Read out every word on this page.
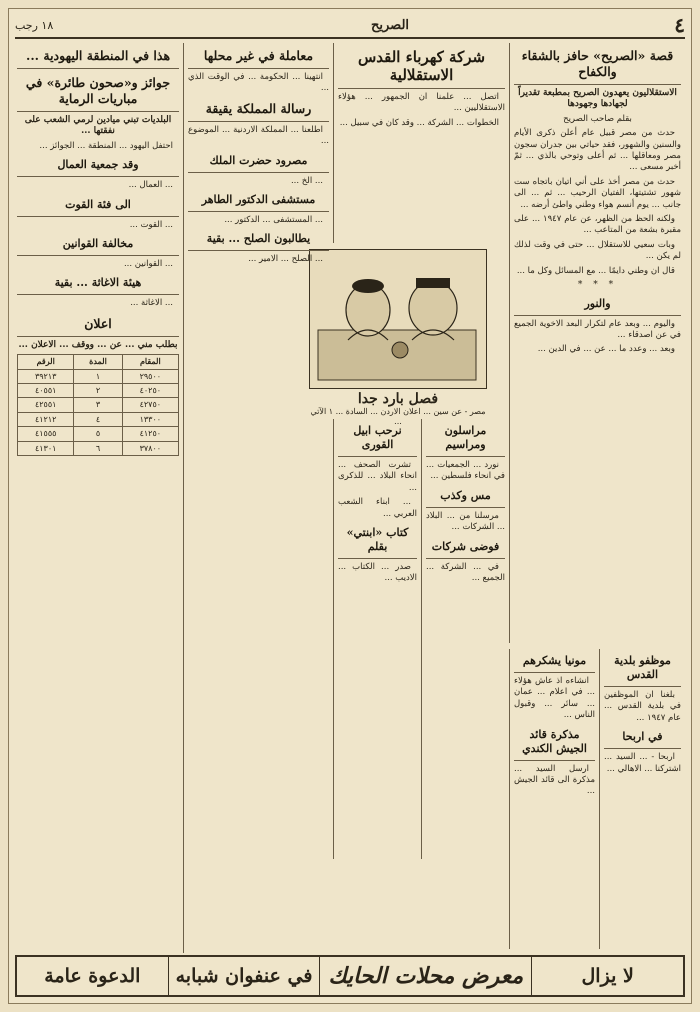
٤
الصريح
١٨ رجب
قصة «الصريح» حافز بالشقاء والكفاح
الاستقلاليون يعهدون الصريح بمطبعة تقديراً لجهادها وجهودها
بقلم صاحب الصريح

حدث من مصر قبيل عام أعلن ذكرى الأيام والسنين والشهور، فقد حياتي بين جدران سجون مصر ومعاقلها ... ثم أعلى وتوحي بالذي ... ثمّ أخبر مسعى ...

حدث من مصر أخذ على أني اتيان باتجاه ست شهور تشتيتها، الفتيان الرحيب ... ثم ... الى جانب ... يوم أنسم هواء وطني واطئ أرضه ...

ولكنه الحظ من الظهر، عن عام ١٩٤٧ ... على مقبرة بشعة من المتاعب ...

وبات سعيي للاستقلال ... حتى في وقت لذلك لم يكن ...

قال ان وطني دايمًا ... مع المسائل وكل ما ...

* * *
والنور

واليوم ... وبعد عام لتكرار البعد الاخوية الجميع في عن اصدقاء ...

وبعد ... وعدد ما ... عن ... في الدين ...

مونيا يشكرهم

انشاءه اذ عاش هؤلاء ... في اعلام ... عمان ... سائر ... وقبول الناس ...

مذكرة قائد الجيش الكندي

ارسل السيد ... مذكرة الى قائد الجيش ...

موظفو بلدية القدس

بلغنا ان الموظفين في بلدية القدس ... عام ١٩٤٧ ...

في اربحا

اربحا - ... السيد ... اشتركنا ... الاهالي ...

شركة كهرباء القدس الاستقلالية

اتصل ... علمنا ان الجمهور ... هؤلاء الاستقلاليين ...

الخطوات ... الشركة ... وقد كان في سبيل ...

فصل بارد جدا
مصر - عن سين ... اعلان الاردن ... السادة ... ١ الآتي ...
مراسلون ومراسيم

نورد ... الجمعيات ... في انحاء فلسطين ...

مس وكذب

مرسلنا من ... البلاد ... الشركات ...

فوضى شركات

في ... الشركة ... الجميع ...

نرحب ابيل القورى

تشرت الصحف ... انحاء البلاد ... للذكرى ...

... ابناء الشعب العربي ...

كتاب «ابنتي» بقلم

صدر ... الكتاب ... الاديب ...

معاملة في غير محلها

انتهينا ... الحكومة ... في الوقت الذي ...

رسالة المملكة يقيقة

اطلعنا ... المملكة الاردنية ... الموضوع ...

مصرود حضرت الملك

... الخ ...

مستشفى الدكتور الطاهر

... المستشفى ... الدكتور ...

يطالبون الصلح ... بقية

... الصلح ... الامير ...

هذا في المنطقة اليهودية ...
جوائز و«صحون طائرة» في مباريات الرماية
البلديات تبني ميادين لرمي الشعب على نفقتها ...

احتفل اليهود ... المنطقة ... الجوائز ...

وقد جمعية العمال

... العمال ...

الى فئة القوت

... القوت ...

مخالفة القوانين

... القوانين ...

هيئة الاغاثة ... بقية

... الاغاثة ...

اعلان
بطلب مني ... عن ... ووقف ... الاعلان ...
المقام	المدة	الرقم
٢٩٥٠٠	١	٣٩٢١٣
٤٠٢٥٠	٢	٤٠٥٥١
٤٢٧٥٠	٣	٤٢٥٥١
١٣٣٠٠	٤	٤١٢١٢
٤١٢٥٠	٥	٤١٥٥٥
٣٧٨٠٠	٦	٤١٣٠١
لا يزال
معرض محلات الحايك
في عنفوان شبابه
الدعوة عامة
